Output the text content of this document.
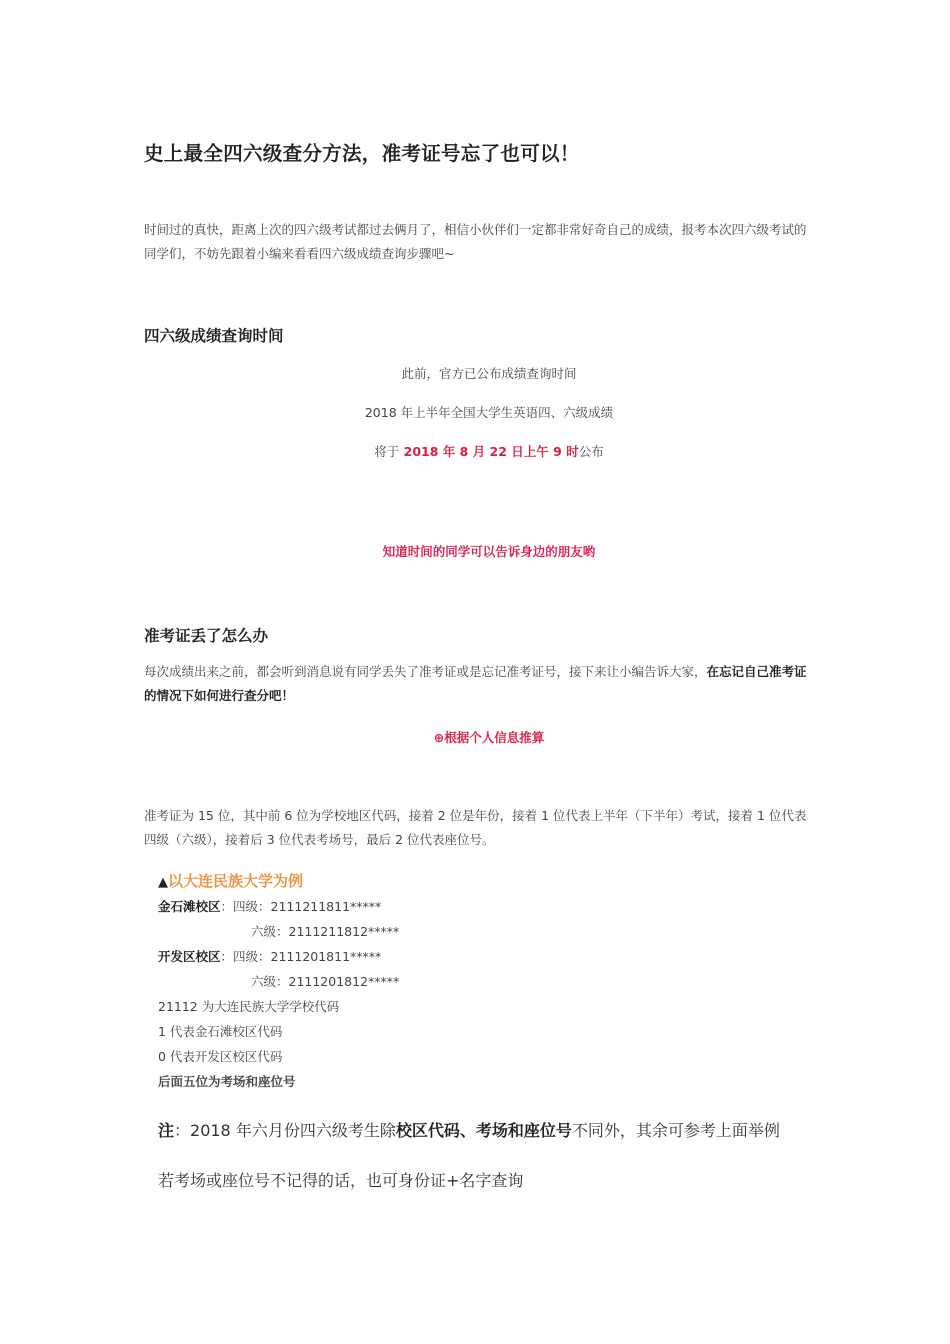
史上最全四六级查分方法，准考证号忘了也可以！
时间过的真快，距离上次的四六级考试都过去俩月了，相信小伙伴们一定都非常好奇自己的成绩，报考本次四六级考试的同学们，不妨先跟着小编来看看四六级成绩查询步骤吧~
四六级成绩查询时间
此前，官方已公布成绩查询时间
2018 年上半年全国大学生英语四、六级成绩
将于 2018 年 8 月 22 日上午 9 时公布
知道时间的同学可以告诉身边的朋友哟
准考证丢了怎么办
每次成绩出来之前，都会听到消息说有同学丢失了准考证或是忘记准考证号，接下来让小编告诉大家，在忘记自己准考证的情况下如何进行查分吧！
⊕根据个人信息推算
准考证为 15 位，其中前 6 位为学校地区代码，接着 2 位是年份，接着 1 位代表上半年（下半年）考试，接着 1 位代表四级（六级），接着后 3 位代表考场号，最后 2 位代表座位号。
▲以大连民族大学为例
金石滩校区：四级：2111211811*****
六级：2111211812*****
开发区校区：四级：2111201811*****
六级：2111201812*****
21112 为大连民族大学学校代码
1 代表金石滩校区代码
0 代表开发区校区代码
后面五位为考场和座位号
注：2018 年六月份四六级考生除校区代码、考场和座位号不同外，其余可参考上面举例
若考场或座位号不记得的话，也可身份证+名字查询
